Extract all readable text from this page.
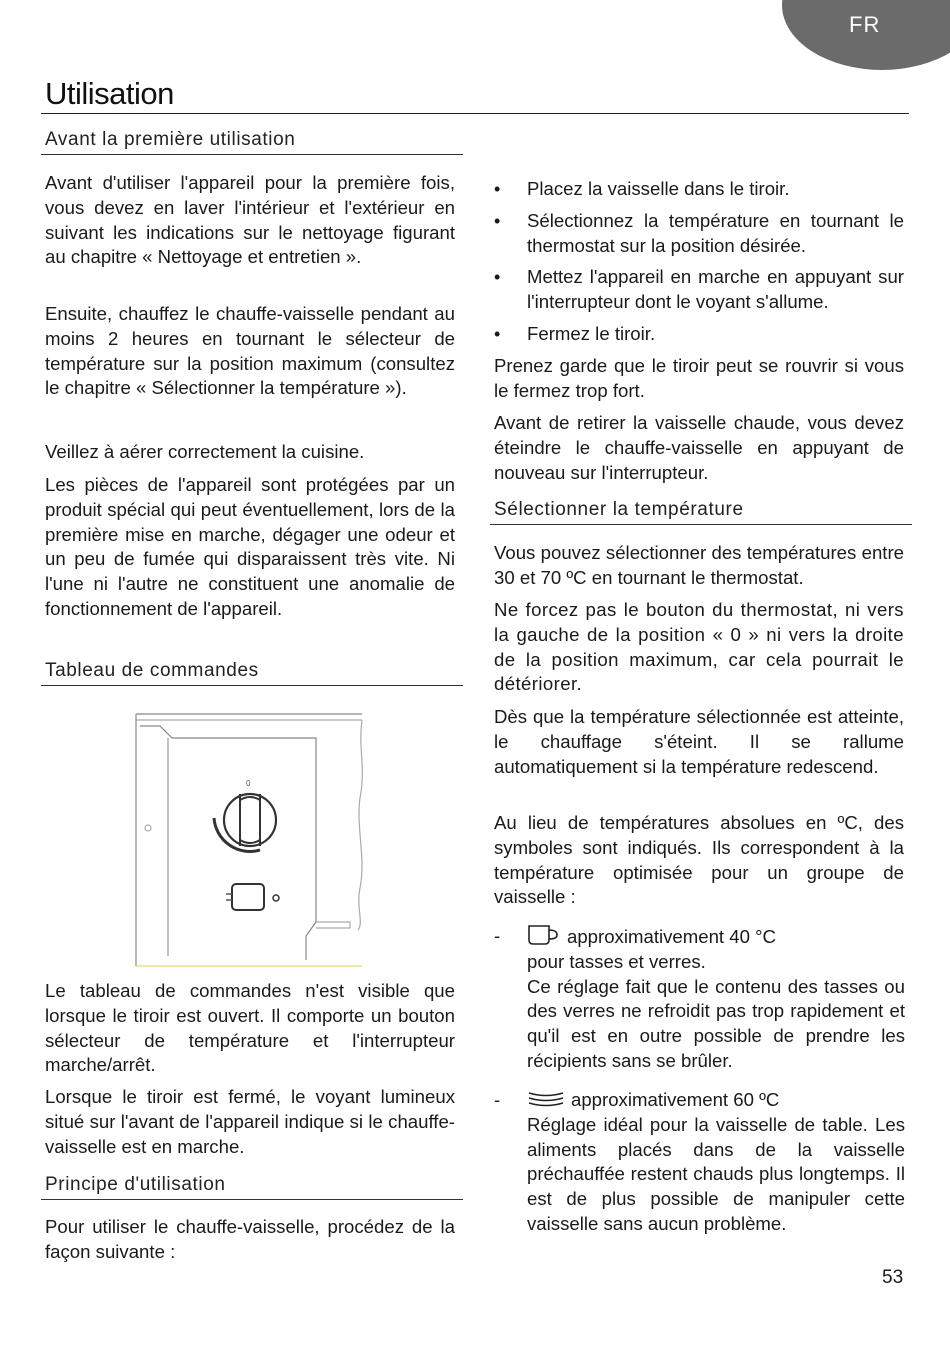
FR
Utilisation
Avant la première utilisation

Avant d'utiliser l'appareil pour la première fois, vous devez en laver l'intérieur et l'extérieur en suivant les indications sur le nettoyage figurant au chapitre « Nettoyage et entretien ».

Ensuite, chauffez le chauffe-vaisselle pendant au moins 2 heures en tournant le sélecteur de température sur la position maximum (consultez le chapitre « Sélectionner la température »).

Veillez à aérer correctement la cuisine.

Les pièces de l'appareil sont protégées par un produit spécial qui peut éventuellement, lors de la première mise en marche, dégager une odeur et un peu de fumée qui disparaissent très vite. Ni l'une ni l'autre ne constituent une anomalie de fonctionnement de l'appareil.

Tableau de commandes

Le tableau de commandes n'est visible que lorsque le tiroir est ouvert. Il comporte un bouton sélecteur de température et l'interrupteur marche/arrêt.

Lorsque le tiroir est fermé, le voyant lumineux situé sur l'avant de l'appareil indique si le chauffe-vaisselle est en marche.

Principe d'utilisation

Pour utiliser le chauffe-vaisselle, procédez de la façon suivante :

0
• Placez la vaisselle dans le tiroir.
• Sélectionnez la température en tournant le thermostat sur la position désirée.
• Mettez l'appareil en marche en appuyant sur l'interrupteur dont le voyant s'allume.
• Fermez le tiroir.

Prenez garde que le tiroir peut se rouvrir si vous le fermez trop fort.

Avant de retirer la vaisselle chaude, vous devez éteindre le chauffe-vaisselle en appuyant de nouveau sur l'interrupteur.

Sélectionner la température

Vous pouvez sélectionner des températures entre 30 et 70 ºC en tournant le thermostat.

Ne forcez pas le bouton du thermostat, ni vers la gauche de la position « 0 » ni vers la droite de la position maximum, car cela pourrait le détériorer.

Dès que la température sélectionnée est atteinte, le chauffage s'éteint. Il se rallume automatiquement si la température redescend.

Au lieu de températures absolues en ºC, des symboles sont indiqués. Ils correspondent à la température optimisée pour un groupe de vaisselle :

-	approximativement 40 °C

pour tasses et verres.

Ce réglage fait que le contenu des tasses ou des verres ne refroidit pas trop rapidement et qu'il est en outre possible de prendre les récipients sans se brûler.

-	approximativement 60 ºC

Réglage idéal pour la vaisselle de table. Les aliments placés dans de la vaisselle préchauffée restent chauds plus longtemps. Il est de plus possible de manipuler cette vaisselle sans aucun problème.

53
